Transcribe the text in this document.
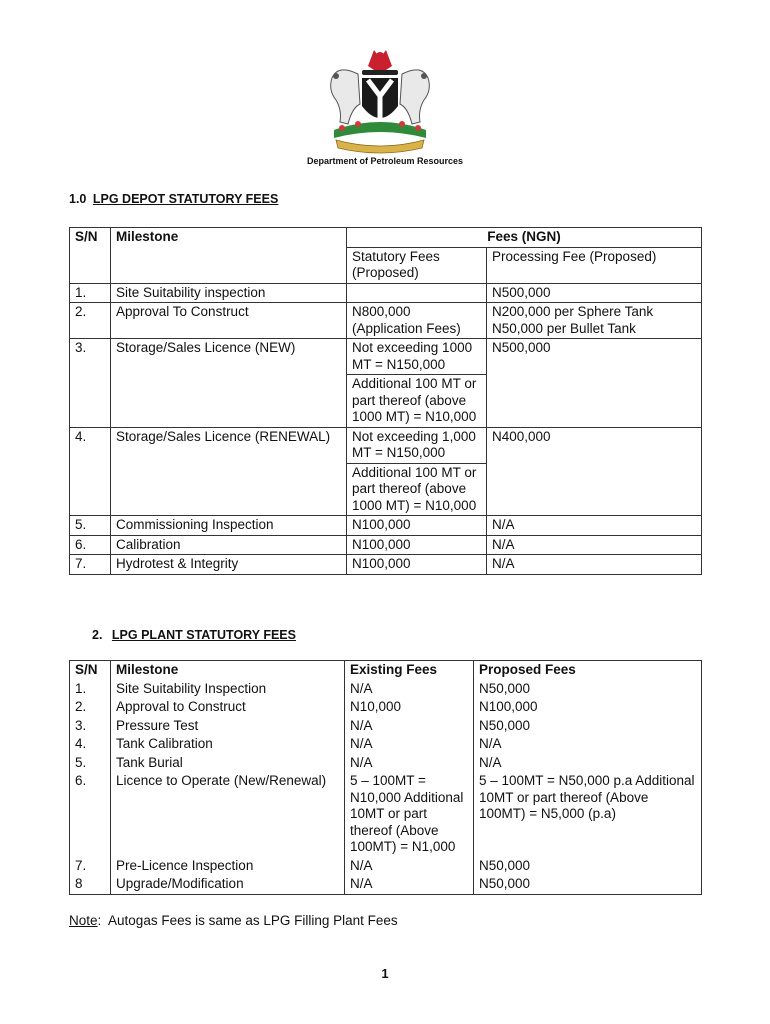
Department of Petroleum Resources
1.0 LPG DEPOT STATUTORY FEES
S/N	Milestone	Fees (NGN)	
		Statutory Fees (Proposed)	Processing Fee (Proposed)
1.	Site Suitability inspection		N500,000
2.	Approval To Construct	N800,000 (Application Fees)	N200,000 per Sphere Tank N50,000 per Bullet Tank
3.	Storage/Sales Licence (NEW)	Not exceeding 1000 MT = N150,000	N500,000
		Additional 100 MT or part thereof (above 1000 MT) = N10,000	
4.	Storage/Sales Licence (RENEWAL)	Not exceeding 1,000 MT = N150,000	N400,000
		Additional 100 MT or part thereof (above 1000 MT) = N10,000	
5.	Commissioning Inspection	N100,000	N/A
6.	Calibration	N100,000	N/A
7.	Hydrotest & Integrity	N100,000	N/A
2. LPG PLANT STATUTORY FEES
S/N	Milestone	Existing Fees	Proposed Fees
1.	Site Suitability Inspection	N/A	N50,000
2.	Approval to Construct	N10,000	N100,000
3.	Pressure Test	N/A	N50,000
4.	Tank Calibration	N/A	N/A
5.	Tank Burial	N/A	N/A
6.	Licence to Operate (New/Renewal)	5 – 100MT = N10,000 Additional 10MT or part thereof (Above 100MT) = N1,000	5 – 100MT = N50,000 p.a Additional 10MT or part thereof (Above 100MT) = N5,000 (p.a)
7.	Pre-Licence Inspection	N/A	N50,000
8	Upgrade/Modification	N/A	N50,000
Note:  Autogas Fees is same as LPG Filling Plant Fees
1
